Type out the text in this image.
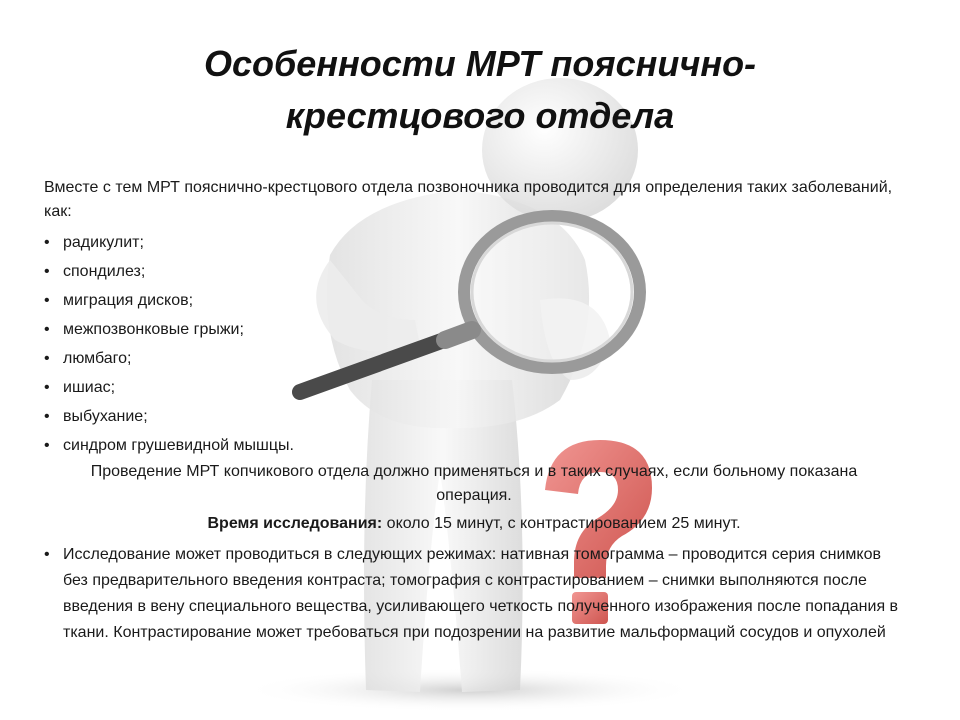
Особенности МРТ пояснично-
крестцового отдела

Вместе с тем МРТ пояснично-крестцового отдела позвоночника проводится для определения таких заболеваний, как:

• радикулит;
• спондилез;
• миграция дисков;
• межпозвонковые грыжи;
• люмбаго;
• ишиас;
• выбухание;
• синдром грушевидной мышцы.

Проведение МРТ копчикового отдела должно применяться и в таких случаях, если больному показана операция.

Время исследования: около 15 минут, с контрастированием 25 минут.

• Исследование может проводиться в следующих режимах: нативная томограмма – проводится серия снимков без предварительного введения контраста; томография с контрастированием – снимки выполняются после введения в вену специального вещества, усиливающего четкость полученного изображения после попадания в ткани. Контрастирование может требоваться при подозрении на развитие мальформаций сосудов и опухолей
